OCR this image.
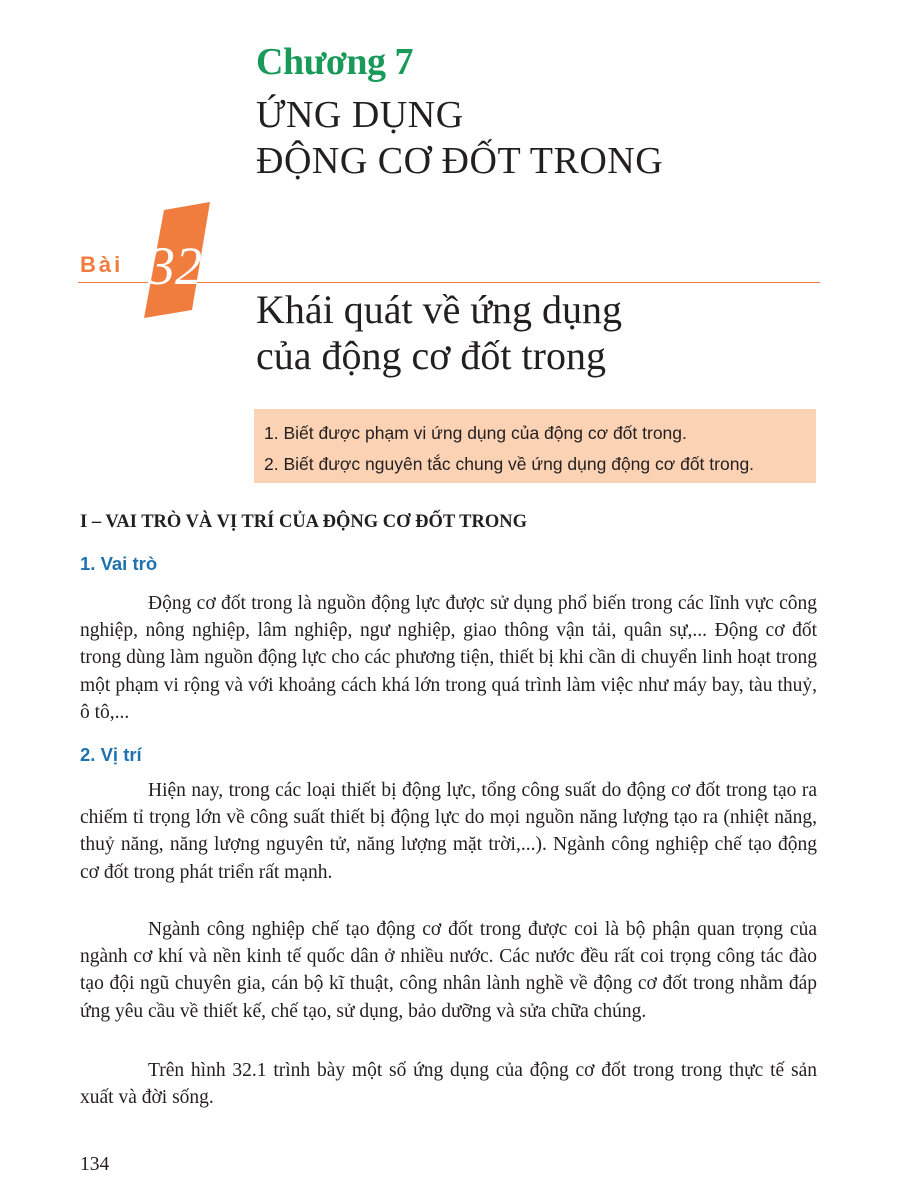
Chương 7
ỨNG DỤNG
ĐỘNG CƠ ĐỐT TRONG
Bài 32
Khái quát về ứng dụng
của động cơ đốt trong
1. Biết được phạm vi ứng dụng của động cơ đốt trong.
2. Biết được nguyên tắc chung về ứng dụng động cơ đốt trong.
I – VAI TRÒ VÀ VỊ TRÍ CỦA ĐỘNG CƠ ĐỐT TRONG
1. Vai trò
Động cơ đốt trong là nguồn động lực được sử dụng phổ biến trong các lĩnh vực công nghiệp, nông nghiệp, lâm nghiệp, ngư nghiệp, giao thông vận tải, quân sự,... Động cơ đốt trong dùng làm nguồn động lực cho các phương tiện, thiết bị khi cần di chuyển linh hoạt trong một phạm vi rộng và với khoảng cách khá lớn trong quá trình làm việc như máy bay, tàu thuỷ, ô tô,...
2. Vị trí
Hiện nay, trong các loại thiết bị động lực, tổng công suất do động cơ đốt trong tạo ra chiếm tỉ trọng lớn về công suất thiết bị động lực do mọi nguồn năng lượng tạo ra (nhiệt năng, thuỷ năng, năng lượng nguyên tử, năng lượng mặt trời,...). Ngành công nghiệp chế tạo động cơ đốt trong phát triển rất mạnh.
Ngành công nghiệp chế tạo động cơ đốt trong được coi là bộ phận quan trọng của ngành cơ khí và nền kinh tế quốc dân ở nhiều nước. Các nước đều rất coi trọng công tác đào tạo đội ngũ chuyên gia, cán bộ kĩ thuật, công nhân lành nghề về động cơ đốt trong nhằm đáp ứng yêu cầu về thiết kế, chế tạo, sử dụng, bảo dưỡng và sửa chữa chúng.
Trên hình 32.1 trình bày một số ứng dụng của động cơ đốt trong trong thực tế sản xuất và đời sống.
134
